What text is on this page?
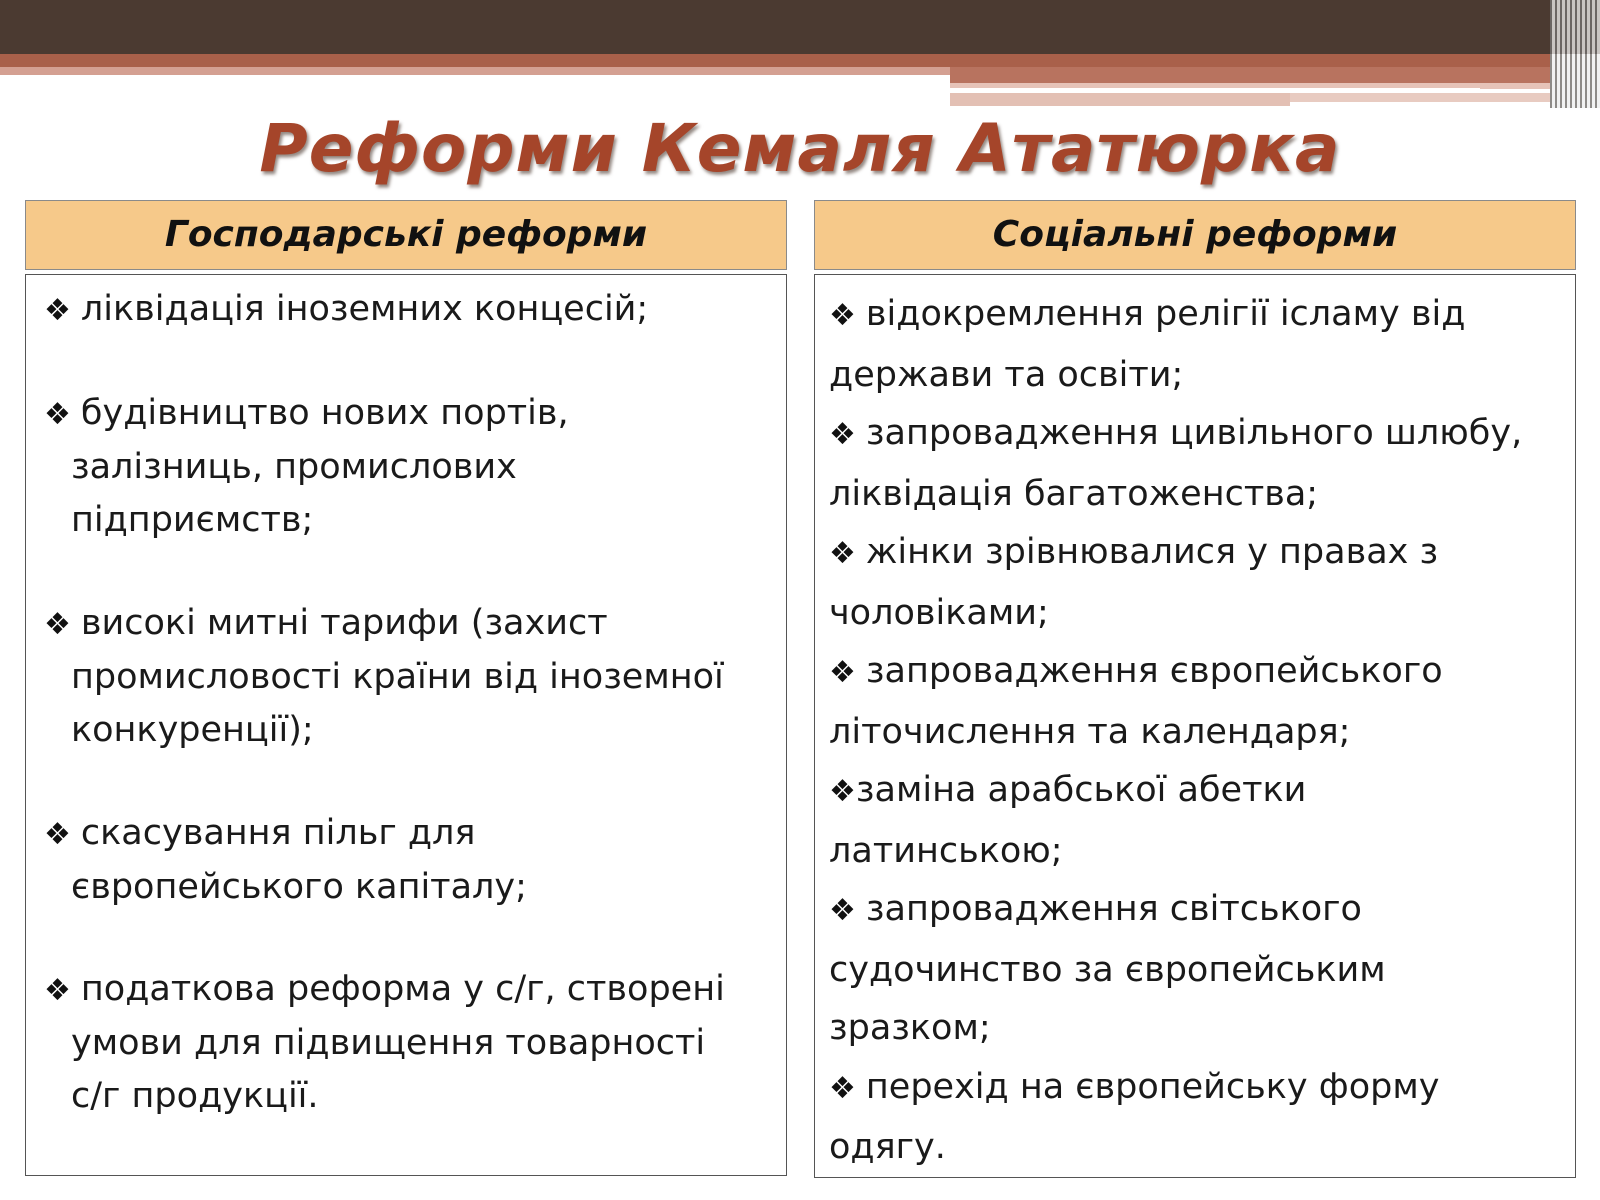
Реформи Кемаля Ататюрка
Господарські реформи	Соціальні реформи
❖ ліквідація іноземних концесій;
❖ будівництво нових портів,
залізниць, промислових
підприємств;
❖ високі митні тарифи (захист
промисловості країни від іноземної
конкуренції);
❖ скасування пільг для
європейського капіталу;
❖ податкова реформа у с/г, створені
умови для підвищення товарності
с/г продукції.
❖ відокремлення релігії ісламу від
держави та освіти;
❖ запровадження цивільного шлюбу,
ліквідація багатоженства;
❖ жінки зрівнювалися у правах з
чоловіками;
❖ запровадження європейського
літочислення та календаря;
❖заміна арабської абетки
латинською;
❖ запровадження світського
судочинство за європейським
зразком;
❖ перехід на європейську форму
одягу.
